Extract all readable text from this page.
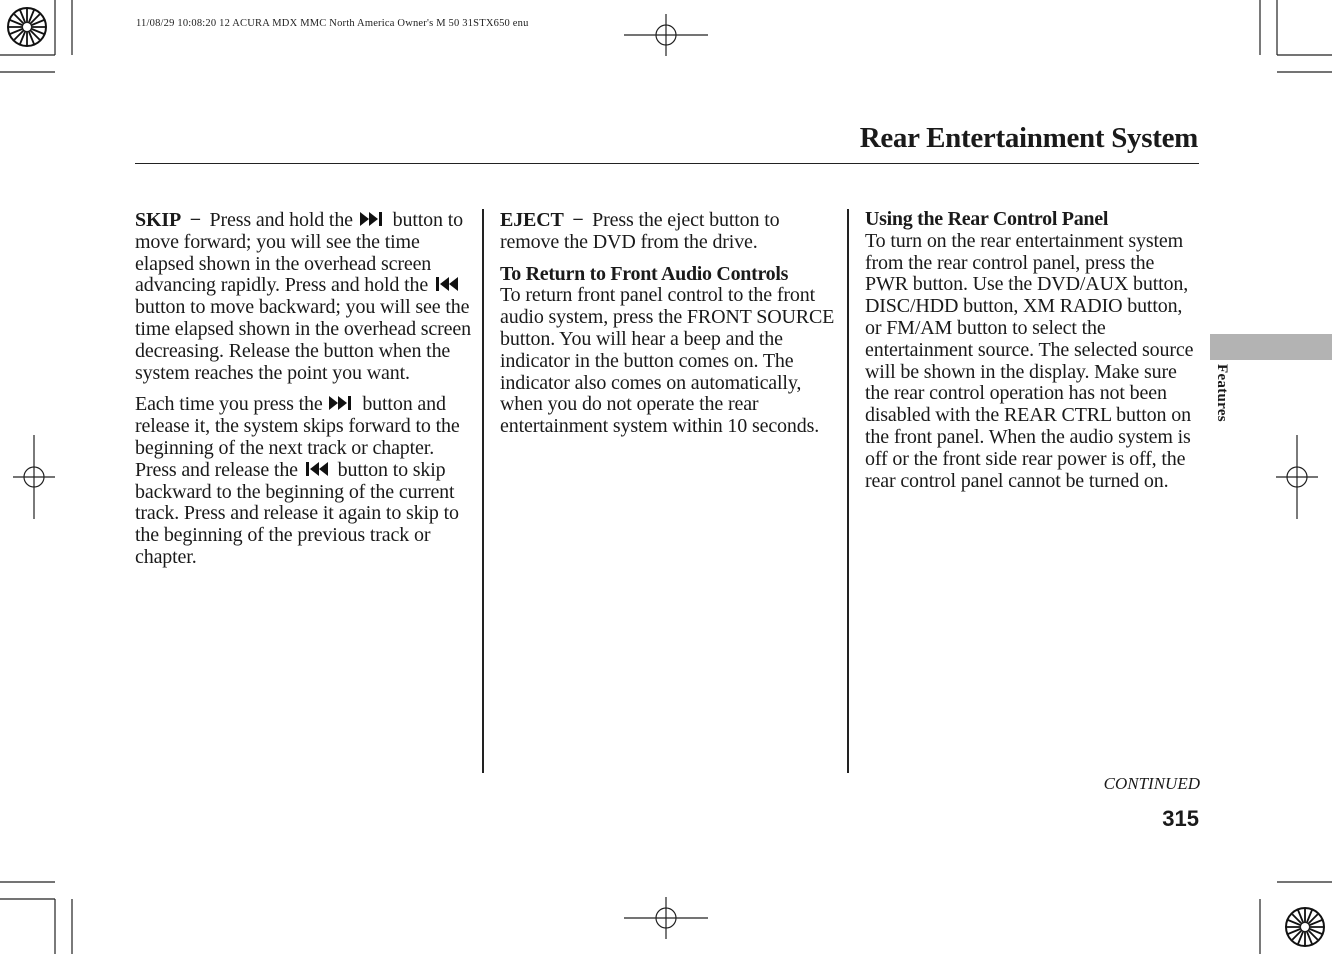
11/08/29 10:08:20 12 ACURA MDX MMC North America Owner's M 50 31STX650 enu
Rear Entertainment System

SKIP − Press and hold the button to move forward; you will see the time elapsed shown in the overhead screen advancing rapidly. Press and hold the
button to move backward; you will see the time elapsed shown in the overhead screen decreasing. Release the button when the system reaches the point you want.

Each time you press the button and release it, the system skips forward to the beginning of the next track or chapter. Press and release the button to skip backward to the beginning of the current track. Press and release it again to skip to the beginning of the previous track or chapter.

EJECT − Press the eject button to remove the DVD from the drive.

To Return to Front Audio Controls
To return front panel control to the front audio system, press the FRONT SOURCE button. You will hear a beep and the indicator in the button comes on. The indicator also comes on automatically, when you do not operate the rear entertainment system within 10 seconds.

Using the Rear Control Panel
To turn on the rear entertainment system from the rear control panel, press the PWR button. Use the DVD/AUX button, DISC/HDD button, XM RADIO button, or FM/AM button to select the entertainment source. The selected source will be shown in the display. Make sure the rear control operation has not been disabled with the REAR CTRL button on the front panel. When the audio system is off or the front side rear power is off, the rear control panel cannot be turned on.

Features
CONTINUED
315
